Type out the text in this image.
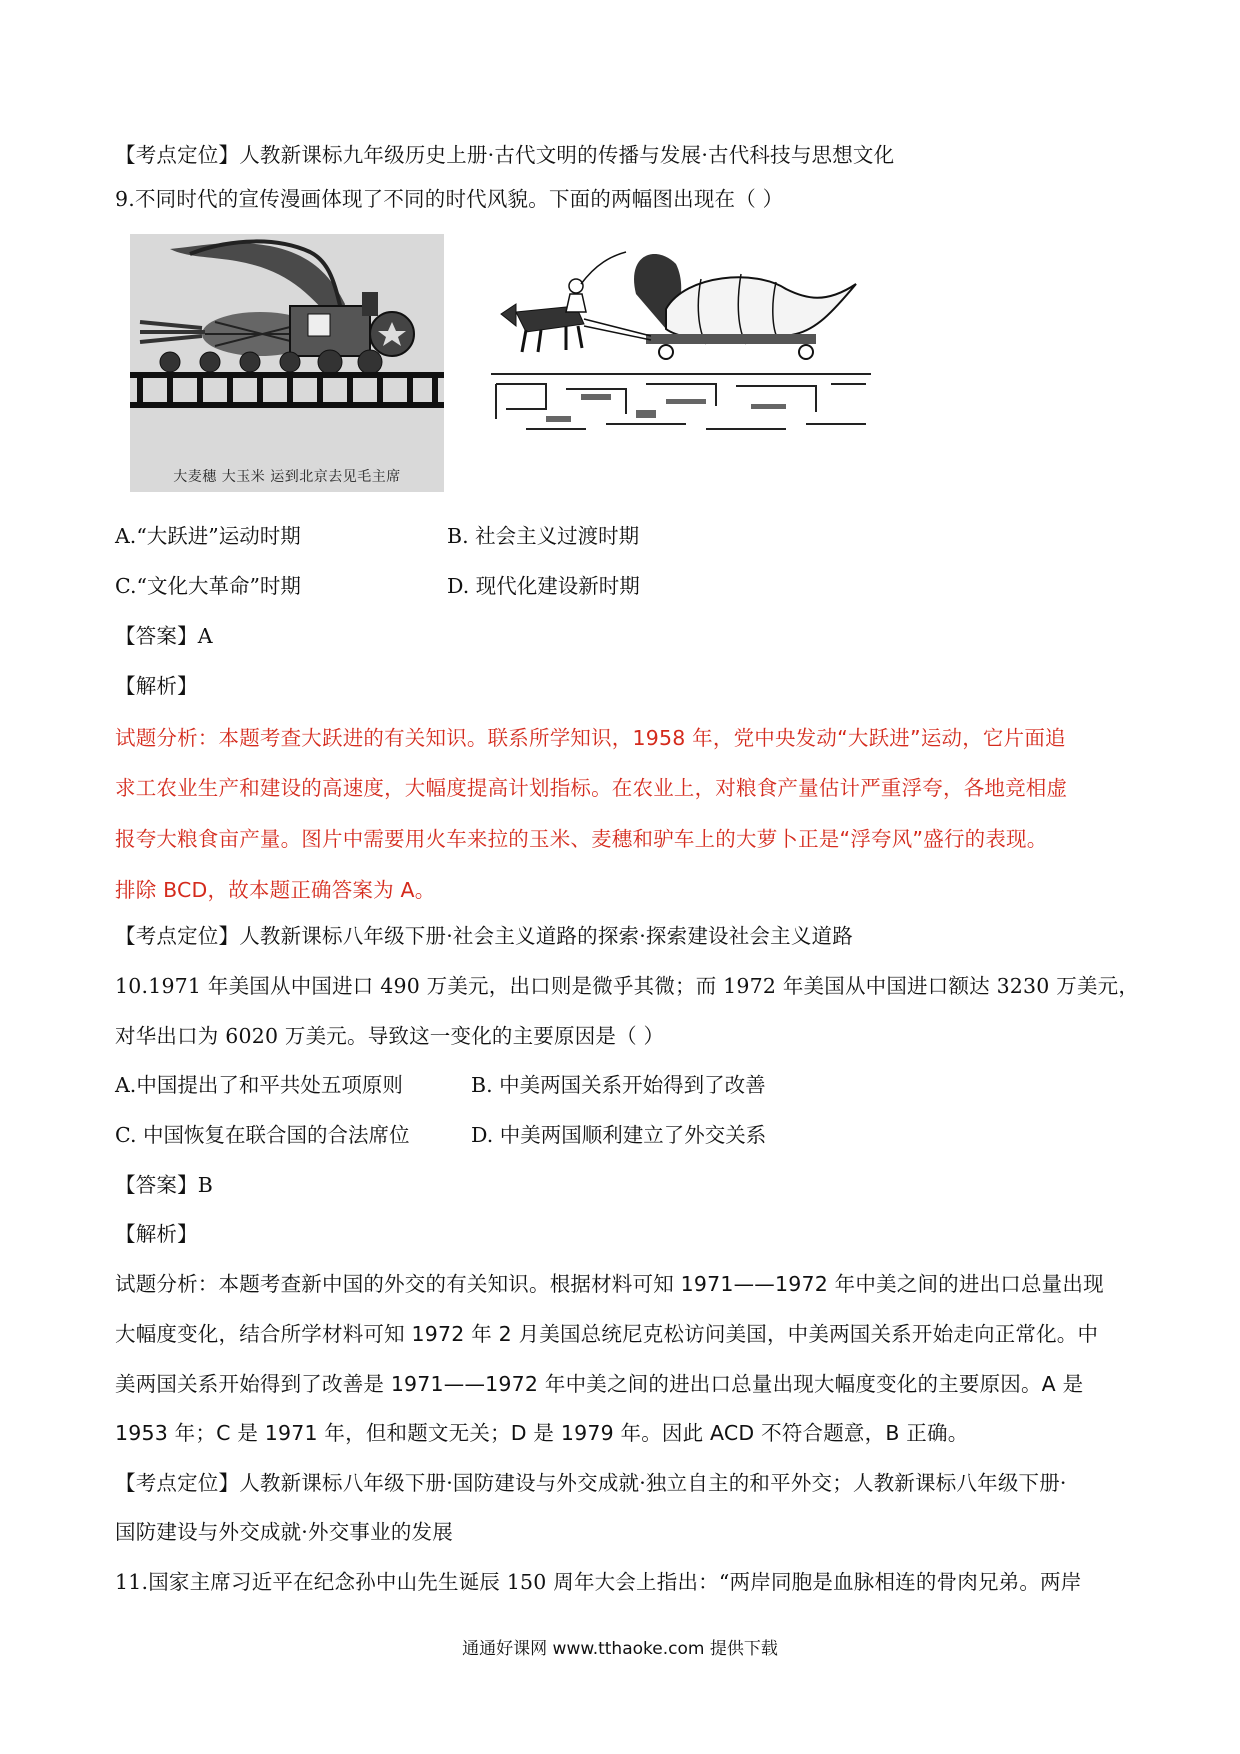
【考点定位】人教新课标九年级历史上册·古代文明的传播与发展·古代科技与思想文化
9.不同时代的宣传漫画体现了不同的时代风貌。下面的两幅图出现在（ ）
大麦穗 大玉米 运到北京去见毛主席
A.“大跃进”运动时期	B. 社会主义过渡时期
C.“文化大革命”时期	D. 现代化建设新时期
【答案】A
【解析】
试题分析：本题考查大跃进的有关知识。联系所学知识，1958 年，党中央发动“大跃进”运动，它片面追
求工农业生产和建设的高速度，大幅度提高计划指标。在农业上，对粮食产量估计严重浮夸，各地竞相虚
报夸大粮食亩产量。图片中需要用火车来拉的玉米、麦穗和驴车上的大萝卜正是“浮夸风”盛行的表现。
排除 BCD，故本题正确答案为 A。
【考点定位】人教新课标八年级下册·社会主义道路的探索·探索建设社会主义道路
10.1971 年美国从中国进口 490 万美元，出口则是微乎其微；而 1972 年美国从中国进口额达 3230 万美元，
对华出口为 6020 万美元。导致这一变化的主要原因是（ ）
A.中国提出了和平共处五项原则	B. 中美两国关系开始得到了改善
C. 中国恢复在联合国的合法席位	D. 中美两国顺利建立了外交关系
【答案】B
【解析】
试题分析：本题考查新中国的外交的有关知识。根据材料可知 1971——1972 年中美之间的进出口总量出现
大幅度变化，结合所学材料可知 1972 年 2 月美国总统尼克松访问美国，中美两国关系开始走向正常化。中
美两国关系开始得到了改善是 1971——1972 年中美之间的进出口总量出现大幅度变化的主要原因。A 是
1953 年；C 是 1971 年，但和题文无关；D 是 1979 年。因此 ACD 不符合题意，B 正确。
【考点定位】人教新课标八年级下册·国防建设与外交成就·独立自主的和平外交；人教新课标八年级下册·
国防建设与外交成就·外交事业的发展
11.国家主席习近平在纪念孙中山先生诞辰 150 周年大会上指出：“两岸同胞是血脉相连的骨肉兄弟。两岸
通通好课网 www.tthaoke.com 提供下载
